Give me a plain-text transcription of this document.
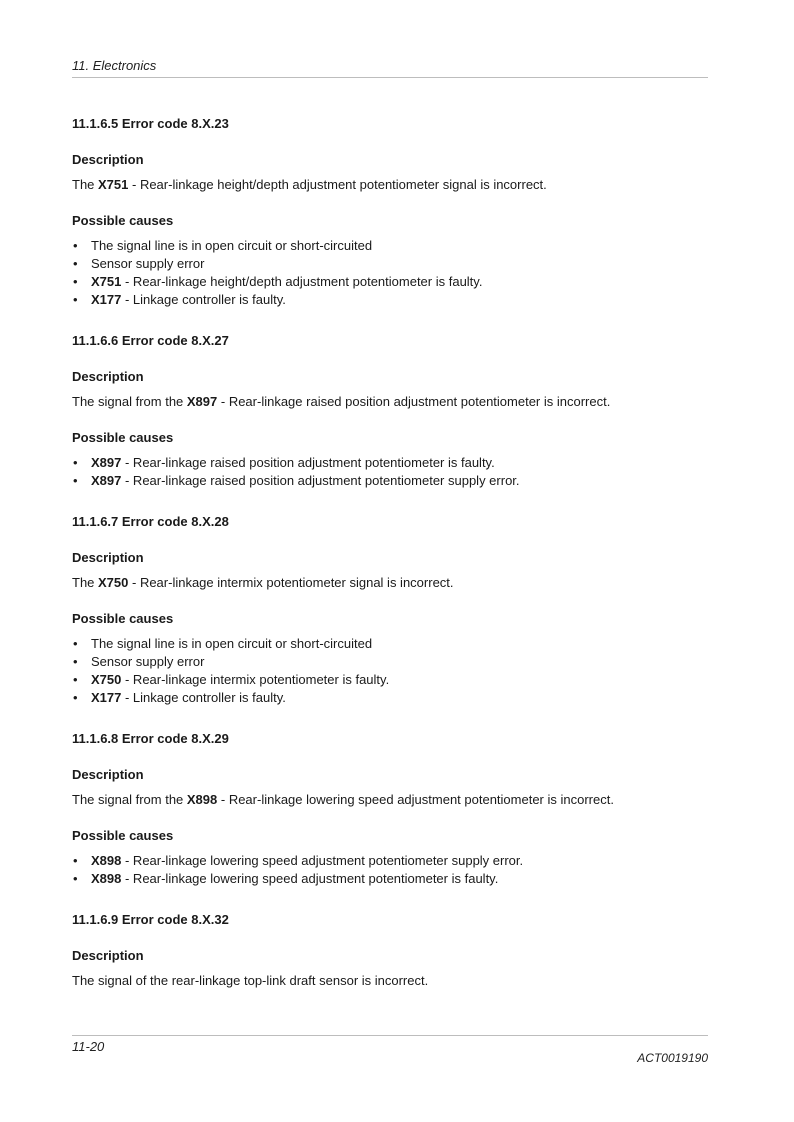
11. Electronics
11.1.6.5 Error code 8.X.23
Description
The X751 - Rear-linkage height/depth adjustment potentiometer signal is incorrect.
Possible causes
• The signal line is in open circuit or short-circuited
• Sensor supply error
• X751 - Rear-linkage height/depth adjustment potentiometer is faulty.
• X177 - Linkage controller is faulty.
11.1.6.6 Error code 8.X.27
Description
The signal from the X897 - Rear-linkage raised position adjustment potentiometer is incorrect.
Possible causes
• X897 - Rear-linkage raised position adjustment potentiometer is faulty.
• X897 - Rear-linkage raised position adjustment potentiometer supply error.
11.1.6.7 Error code 8.X.28
Description
The X750 - Rear-linkage intermix potentiometer signal is incorrect.
Possible causes
• The signal line is in open circuit or short-circuited
• Sensor supply error
• X750 - Rear-linkage intermix potentiometer is faulty.
• X177 - Linkage controller is faulty.
11.1.6.8 Error code 8.X.29
Description
The signal from the X898 - Rear-linkage lowering speed adjustment potentiometer is incorrect.
Possible causes
• X898 - Rear-linkage lowering speed adjustment potentiometer supply error.
• X898 - Rear-linkage lowering speed adjustment potentiometer is faulty.
11.1.6.9 Error code 8.X.32
Description
The signal of the rear-linkage top-link draft sensor is incorrect.
11-20
ACT0019190
